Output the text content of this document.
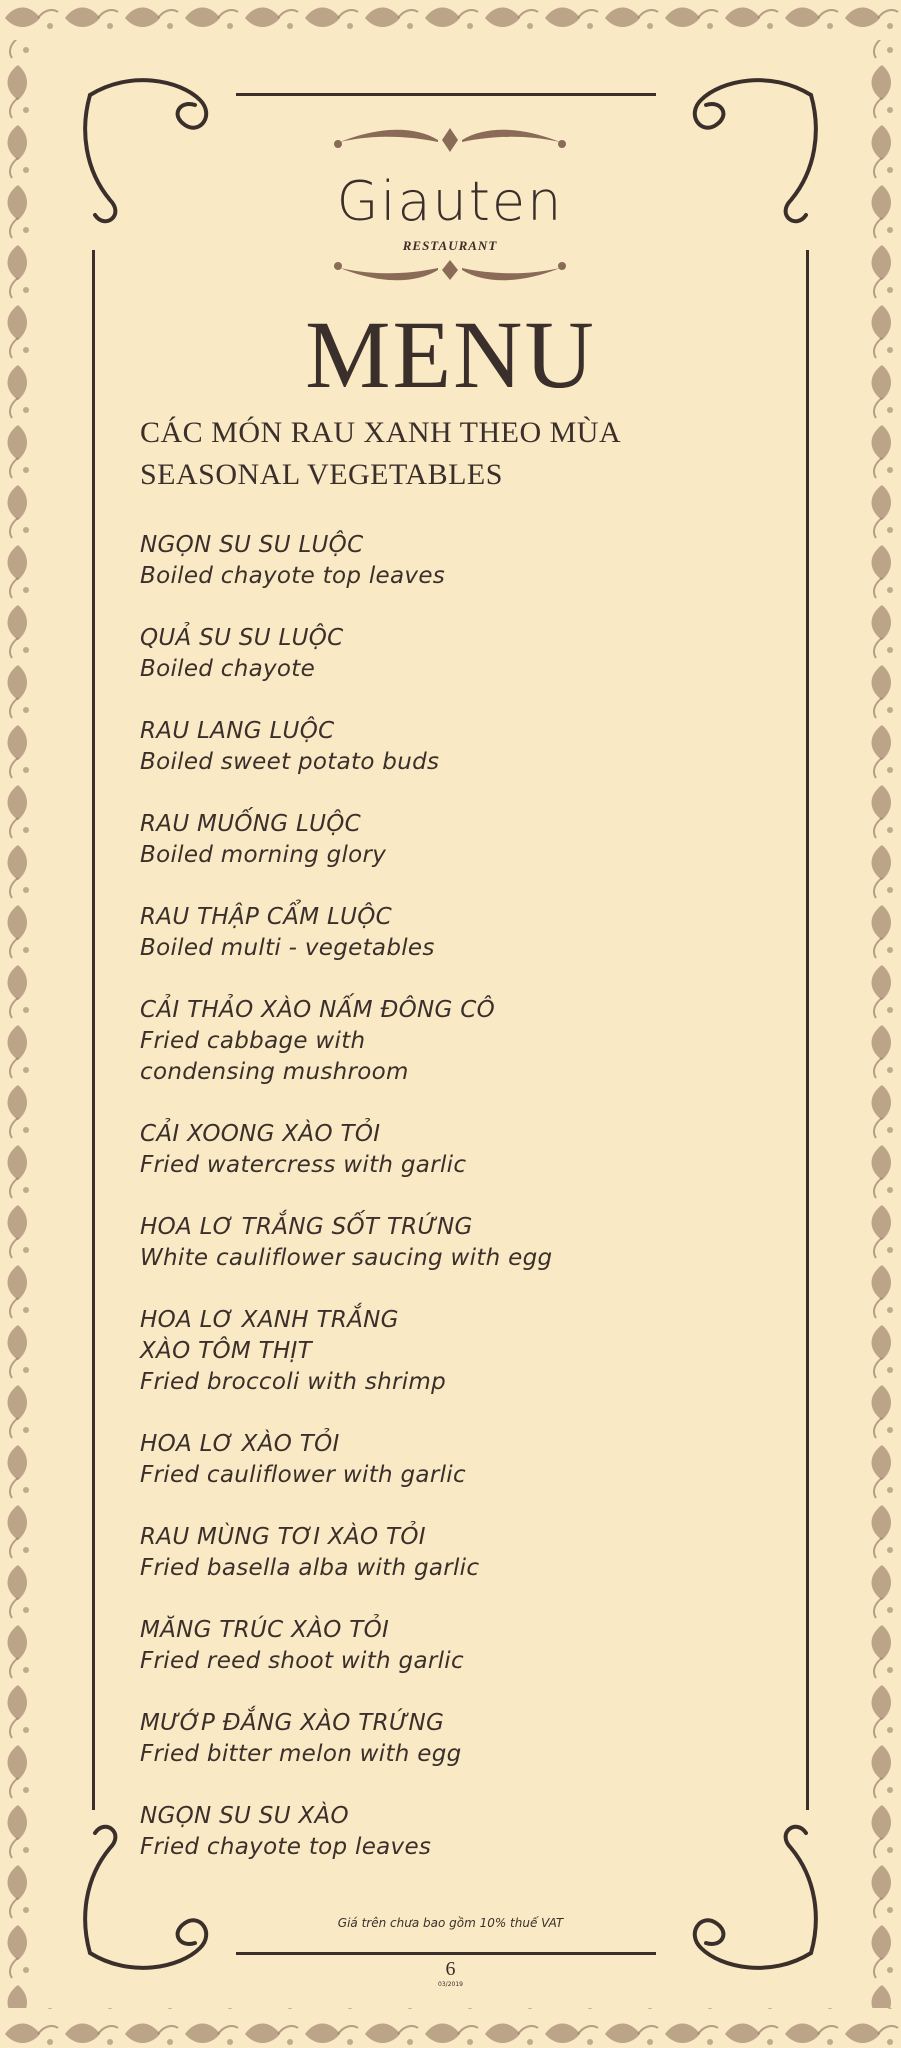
Giauten
RESTAURANT
MENU
CÁC MÓN RAU XANH THEO MÙA
SEASONAL VEGETABLES
NGỌN SU SU LUỘC
Boiled chayote top leaves
QUẢ SU SU LUỘC
Boiled chayote
RAU LANG LUỘC
Boiled sweet potato buds
RAU MUỐNG LUỘC
Boiled morning glory
RAU THẬP CẨM LUỘC
Boiled multi - vegetables
CẢI THẢO XÀO NẤM ĐÔNG CÔ
Fried cabbage with
condensing mushroom
CẢI XOONG XÀO TỎI
Fried watercress with garlic
HOA LƠ TRẮNG SỐT TRỨNG
White cauliflower saucing with egg
HOA LƠ XANH TRẮNG
XÀO TÔM THỊT
Fried broccoli with shrimp
HOA LƠ XÀO TỎI
Fried cauliflower with garlic
RAU MÙNG TƠI XÀO TỎI
Fried basella alba with garlic
MĂNG TRÚC XÀO TỎI
Fried reed shoot with garlic
MƯỚP ĐẮNG XÀO TRỨNG
Fried bitter melon with egg
NGỌN SU SU XÀO
Fried chayote top leaves
Giá trên chưa bao gồm 10% thuế VAT
6
03/2019
